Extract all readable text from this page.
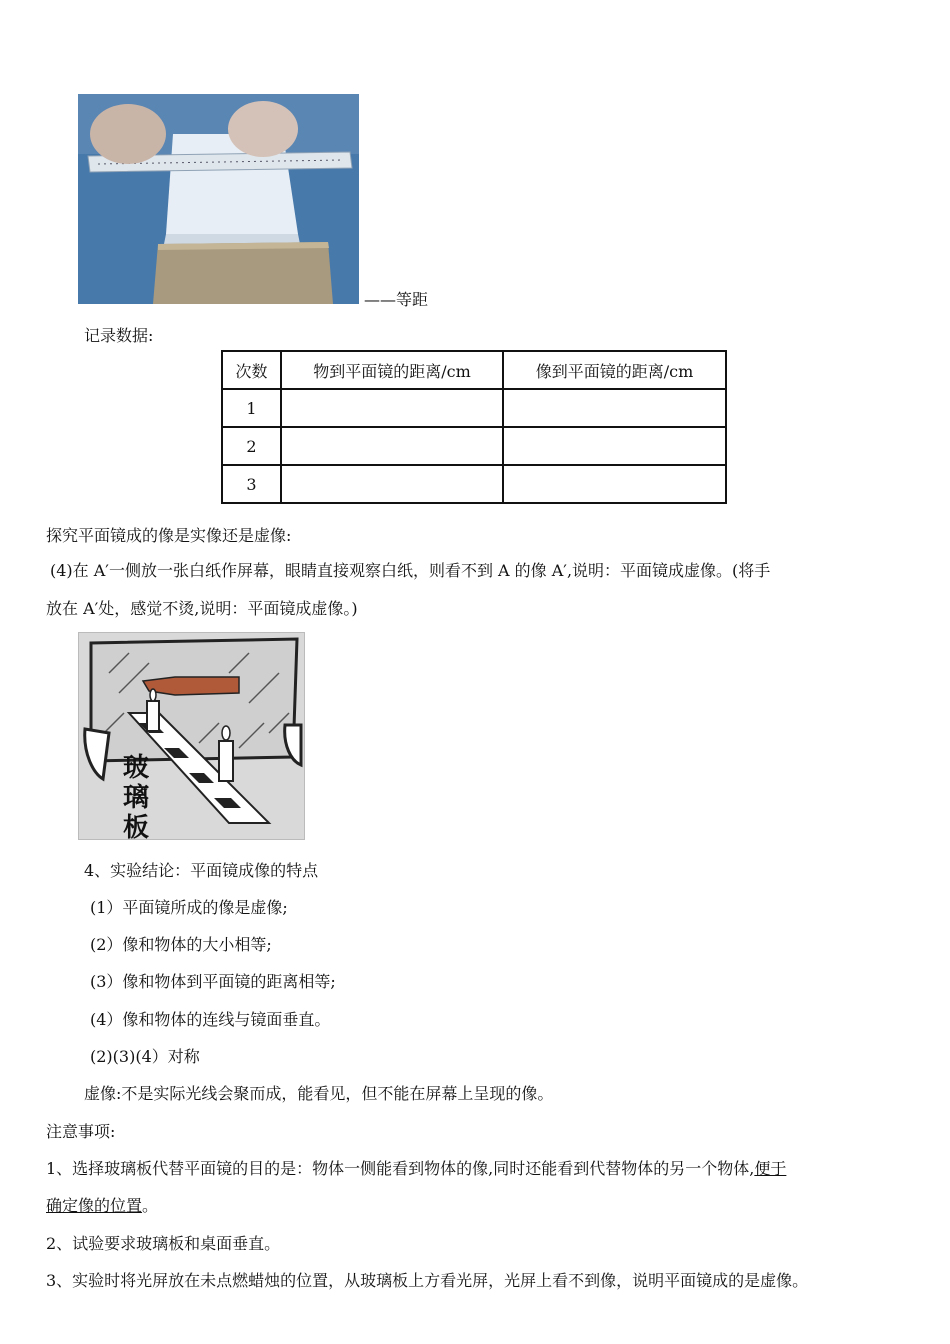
——等距
记录数据:
次数	物到平面镜的距离/cm	像到平面镜的距离/cm
1		
2		
3		
探究平面镜成的像是实像还是虚像:
(4)在 A′一侧放一张白纸作屏幕，眼睛直接观察白纸，则看不到 A 的像 A′,说明：平面镜成虚像。(将手
放在 A′处，感觉不烫,说明：平面镜成虚像。)
玻
璃
板
4、实验结论：平面镜成像的特点
(1）平面镜所成的像是虚像;
(2）像和物体的大小相等;
(3）像和物体到平面镜的距离相等;
(4）像和物体的连线与镜面垂直。
(2)(3)(4）对称
虚像:不是实际光线会聚而成，能看见，但不能在屏幕上呈现的像。
注意事项:
1、选择玻璃板代替平面镜的目的是：物体一侧能看到物体的像,同时还能看到代替物体的另一个物体,便于
确定像的位置。
2、试验要求玻璃板和桌面垂直。
3、实验时将光屏放在未点燃蜡烛的位置，从玻璃板上方看光屏，光屏上看不到像，说明平面镜成的是虚像。
